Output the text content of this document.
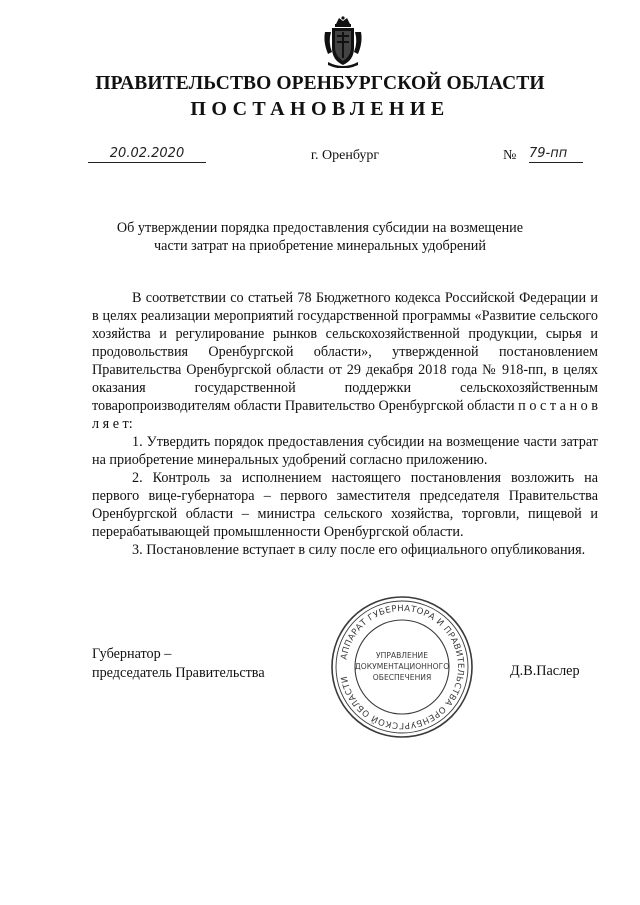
ПРАВИТЕЛЬСТВО ОРЕНБУРГСКОЙ ОБЛАСТИ
ПОСТАНОВЛЕНИЕ
20.02.2020	г. Оренбург	№ 79-пп
Об утверждении порядка предоставления субсидии на возмещение
части затрат на приобретение минеральных удобрений

В соответствии со статьей 78 Бюджетного кодекса Российской Федерации и в целях реализации мероприятий государственной программы «Развитие сельского хозяйства и регулирование рынков сельскохозяйственной продукции, сырья и продовольствия Оренбургской области», утвержденной постановлением Правительства Оренбургской области от 29 декабря 2018 года № 918-пп, в целях оказания государственной поддержки сельскохозяйственным товаропроизводителям области Правительство Оренбургской области п о с т а н о в л я е т:

1. Утвердить порядок предоставления субсидии на возмещение части затрат на приобретение минеральных удобрений согласно приложению.

2. Контроль за исполнением настоящего постановления возложить на первого вице-губернатора – первого заместителя председателя Правительства Оренбургской области – министра сельского хозяйства, торговли, пищевой и перерабатывающей промышленности Оренбургской области.

3. Постановление вступает в силу после его официального опубликования.

Губернатор –
председатель Правительства	Д.В.Паслер
АППАРАТ ГУБЕРНАТОРА И ПРАВИТЕЛЬСТВА ОРЕНБУРГСКОЙ ОБЛАСТИ
УПРАВЛЕНИЕ
ДОКУМЕНТАЦИОННОГО
ОБЕСПЕЧЕНИЯ
